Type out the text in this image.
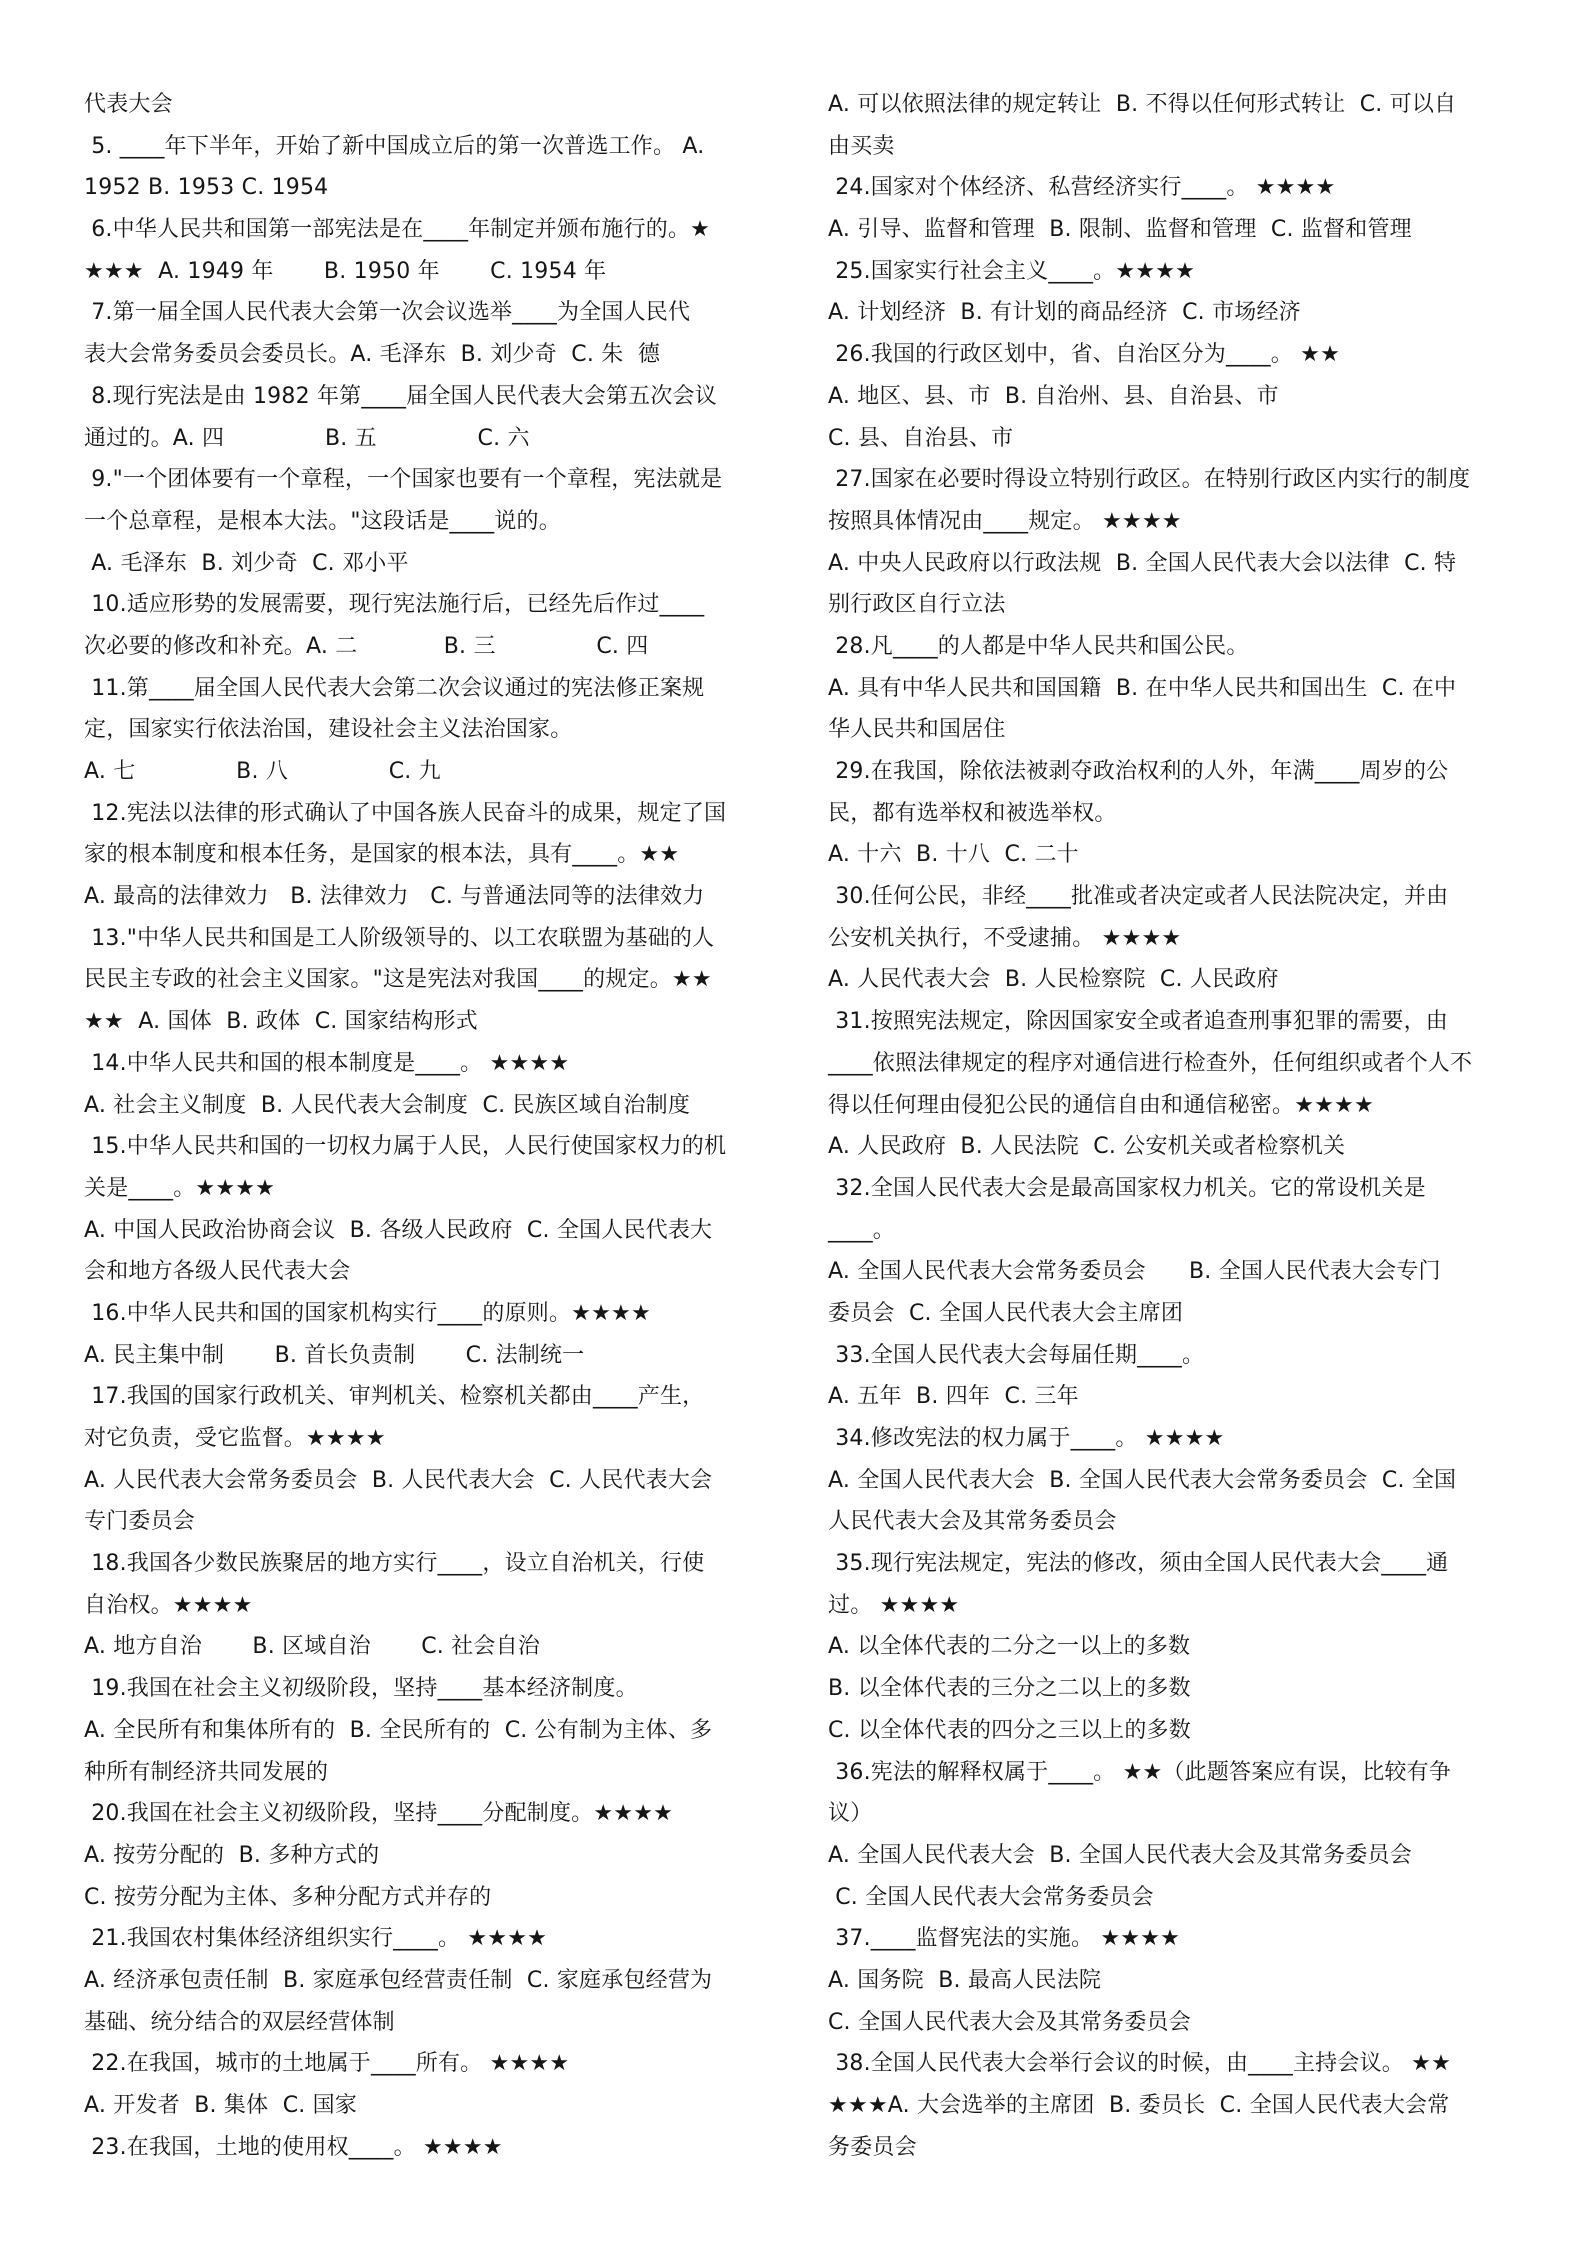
代表大会
5. ____年下半年，开始了新中国成立后的第一次普选工作。 A.
1952 B. 1953 C. 1954
6.中华人民共和国第一部宪法是在____年制定并颁布施行的。★
★★★  A. 1949 年       B. 1950 年       C. 1954 年
7.第一届全国人民代表大会第一次会议选举____为全国人民代
表大会常务委员会委员长。A. 毛泽东  B. 刘少奇  C. 朱  德
8.现行宪法是由 1982 年第____届全国人民代表大会第五次会议
通过的。A. 四              B. 五              C. 六
9."一个团体要有一个章程，一个国家也要有一个章程，宪法就是
一个总章程，是根本大法。"这段话是____说的。
A. 毛泽东  B. 刘少奇  C. 邓小平
10.适应形势的发展需要，现行宪法施行后，已经先后作过____
次必要的修改和补充。A. 二            B. 三              C. 四
11.第____届全国人民代表大会第二次会议通过的宪法修正案规
定，国家实行依法治国，建设社会主义法治国家。
A. 七              B. 八              C. 九
12.宪法以法律的形式确认了中国各族人民奋斗的成果，规定了国
家的根本制度和根本任务，是国家的根本法，具有____。★★
A. 最高的法律效力   B. 法律效力   C. 与普通法同等的法律效力
13."中华人民共和国是工人阶级领导的、以工农联盟为基础的人
民民主专政的社会主义国家。"这是宪法对我国____的规定。★★
★★  A. 国体  B. 政体  C. 国家结构形式
14.中华人民共和国的根本制度是____。 ★★★★
A. 社会主义制度  B. 人民代表大会制度  C. 民族区域自治制度
15.中华人民共和国的一切权力属于人民，人民行使国家权力的机
关是____。★★★★
A. 中国人民政治协商会议  B. 各级人民政府  C. 全国人民代表大
会和地方各级人民代表大会
16.中华人民共和国的国家机构实行____的原则。★★★★
A. 民主集中制       B. 首长负责制       C. 法制统一
17.我国的国家行政机关、审判机关、检察机关都由____产生，
对它负责，受它监督。★★★★
A. 人民代表大会常务委员会  B. 人民代表大会  C. 人民代表大会
专门委员会
18.我国各少数民族聚居的地方实行____，设立自治机关，行使
自治权。★★★★
A. 地方自治       B. 区域自治       C. 社会自治
19.我国在社会主义初级阶段，坚持____基本经济制度。
A. 全民所有和集体所有的  B. 全民所有的  C. 公有制为主体、多
种所有制经济共同发展的
20.我国在社会主义初级阶段，坚持____分配制度。★★★★
A. 按劳分配的  B. 多种方式的
C. 按劳分配为主体、多种分配方式并存的
21.我国农村集体经济组织实行____。 ★★★★
A. 经济承包责任制  B. 家庭承包经营责任制  C. 家庭承包经营为
基础、统分结合的双层经营体制
22.在我国，城市的土地属于____所有。 ★★★★
A. 开发者  B. 集体  C. 国家
23.在我国，土地的使用权____。 ★★★★
A. 可以依照法律的规定转让  B. 不得以任何形式转让  C. 可以自
由买卖
24.国家对个体经济、私营经济实行____。 ★★★★
A. 引导、监督和管理  B. 限制、监督和管理  C. 监督和管理
25.国家实行社会主义____。★★★★
A. 计划经济  B. 有计划的商品经济  C. 市场经济
26.我国的行政区划中，省、自治区分为____。 ★★
A. 地区、县、市  B. 自治州、县、自治县、市
C. 县、自治县、市
27.国家在必要时得设立特别行政区。在特别行政区内实行的制度
按照具体情况由____规定。 ★★★★
A. 中央人民政府以行政法规  B. 全国人民代表大会以法律  C. 特
别行政区自行立法
28.凡____的人都是中华人民共和国公民。
A. 具有中华人民共和国国籍  B. 在中华人民共和国出生  C. 在中
华人民共和国居住
29.在我国，除依法被剥夺政治权利的人外，年满____周岁的公
民，都有选举权和被选举权。
A. 十六  B. 十八  C. 二十
30.任何公民，非经____批准或者决定或者人民法院决定，并由
公安机关执行，不受逮捕。 ★★★★
A. 人民代表大会  B. 人民检察院  C. 人民政府
31.按照宪法规定，除因国家安全或者追查刑事犯罪的需要，由
____依照法律规定的程序对通信进行检查外，任何组织或者个人不
得以任何理由侵犯公民的通信自由和通信秘密。★★★★
A. 人民政府  B. 人民法院  C. 公安机关或者检察机关
32.全国人民代表大会是最高国家权力机关。它的常设机关是
____。
A. 全国人民代表大会常务委员会      B. 全国人民代表大会专门
委员会  C. 全国人民代表大会主席团
33.全国人民代表大会每届任期____。
A. 五年  B. 四年  C. 三年
34.修改宪法的权力属于____。 ★★★★
A. 全国人民代表大会  B. 全国人民代表大会常务委员会  C. 全国
人民代表大会及其常务委员会
35.现行宪法规定，宪法的修改，须由全国人民代表大会____通
过。 ★★★★
A. 以全体代表的二分之一以上的多数
B. 以全体代表的三分之二以上的多数
C. 以全体代表的四分之三以上的多数
36.宪法的解释权属于____。 ★★（此题答案应有误，比较有争
议）
A. 全国人民代表大会  B. 全国人民代表大会及其常务委员会
C. 全国人民代表大会常务委员会
37.____监督宪法的实施。 ★★★★
A. 国务院  B. 最高人民法院
C. 全国人民代表大会及其常务委员会
38.全国人民代表大会举行会议的时候，由____主持会议。 ★★
★★★A. 大会选举的主席团  B. 委员长  C. 全国人民代表大会常
务委员会
